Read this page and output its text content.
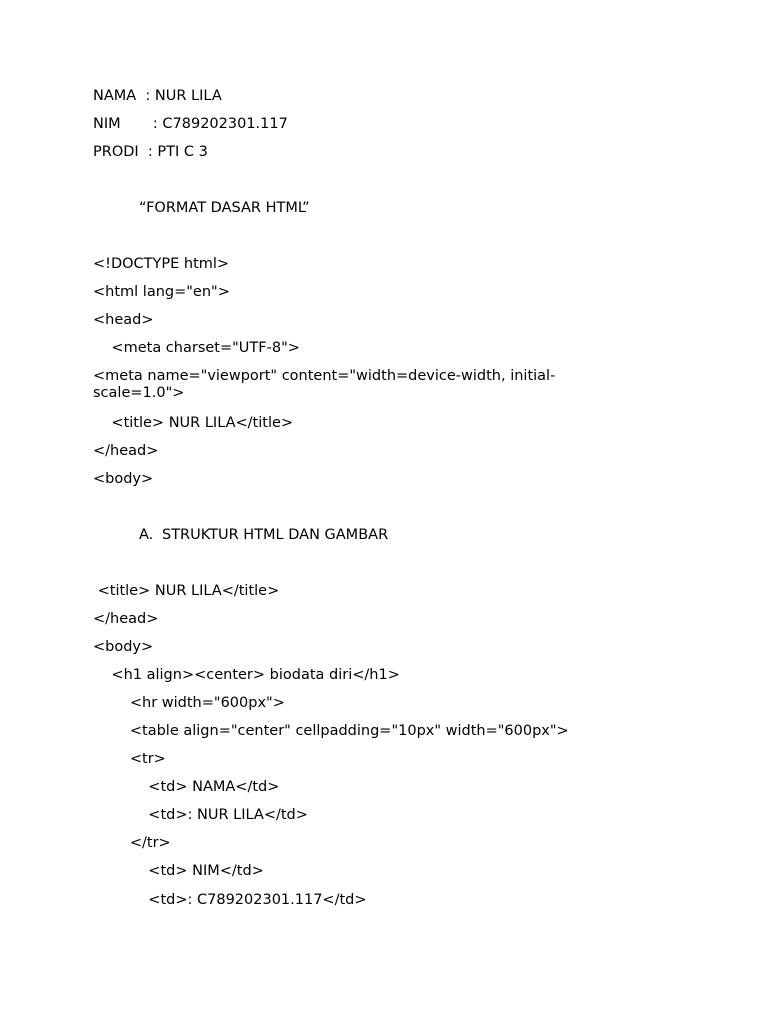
NAMA  : NUR LILA
NIM       : C789202301.117
PRODI  : PTI C 3
“FORMAT DASAR HTML”
<!DOCTYPE html>
<html lang="en">
<head>
<meta charset="UTF-8">
<meta name="viewport" content="width=device-width, initial-scale=1.0">
<title> NUR LILA</title>
</head>
<body>
A. STRUKTUR HTML DAN GAMBAR
<title> NUR LILA</title>
</head>
<body>
<h1 align><center> biodata diri</h1>
<hr width="600px">
<table align="center" cellpadding="10px" width="600px">
<tr>
<td> NAMA</td>
<td>: NUR LILA</td>
</tr>
<td> NIM</td>
<td>: C789202301.117</td>
